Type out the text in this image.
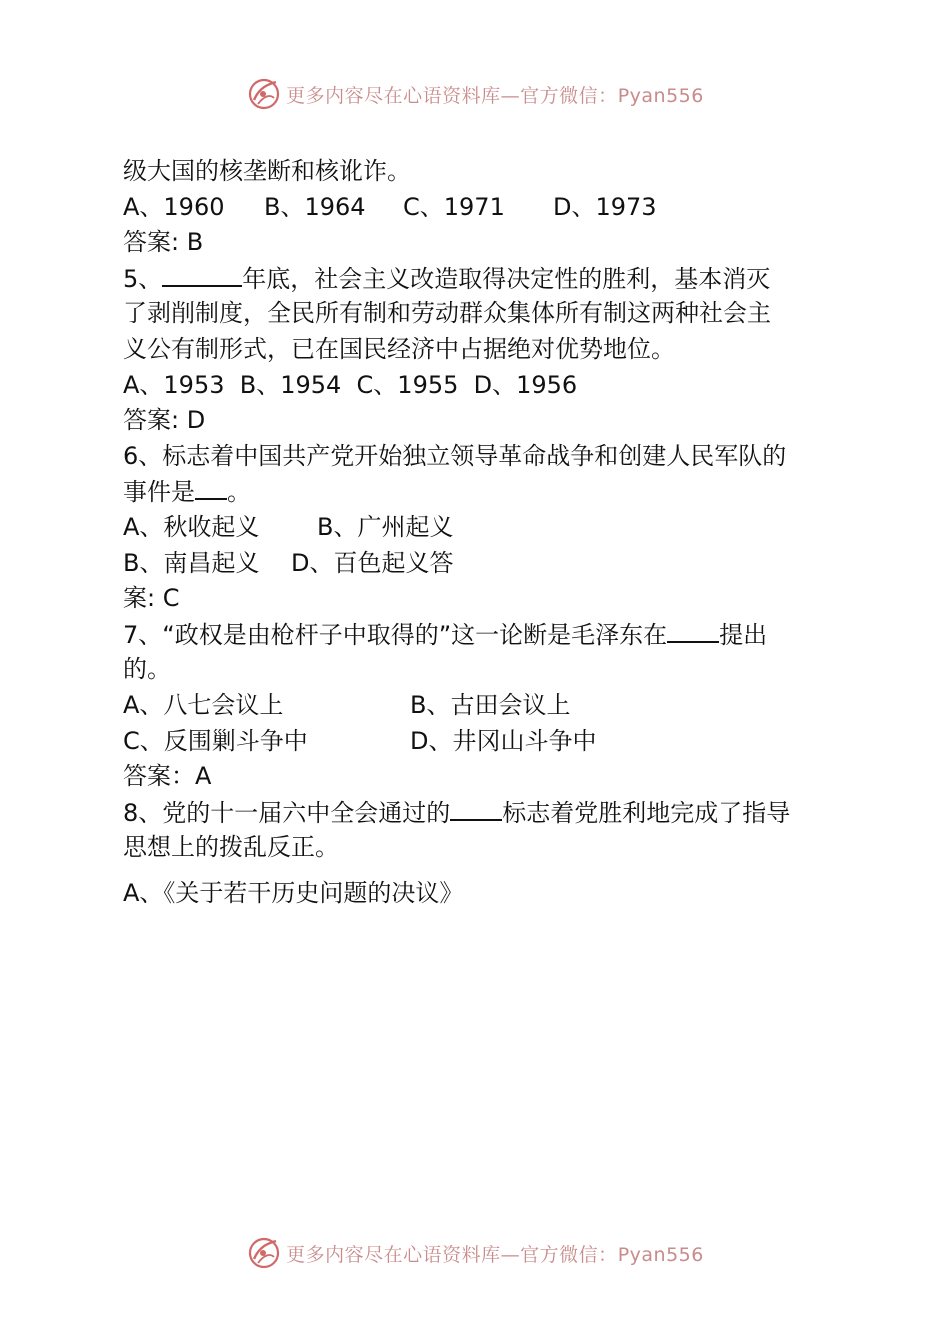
更多内容尽在心语资料库—官方微信：Pyan556
级大国的核垄断和核讹诈。
A、1960	B、1964	C、1971	D、1973
答案: B
5、	年底，社会主义改造取得决定性的胜利，基本消灭
了剥削制度，全民所有制和劳动群众集体所有制这两种社会主
义公有制形式，已在国民经济中占据绝对优势地位。
A、1953  B、1954  C、1955  D、1956
答案: D
6、标志着中国共产党开始独立领导革命战争和创建人民军队的
事件是 。
A、秋收起义	B、广州起义
B、南昌起义	D、百色起义答
案: C
7、“政权是由枪杆子中取得的”这一论断是毛泽东在 提出
的。
A、八七会议上	B、古田会议上
C、反围剿斗争中	D、井冈山斗争中
答案：A
8、党的十一届六中全会通过的 标志着党胜利地完成了指导
思想上的拨乱反正。
A、《关于若干历史问题的决议》
更多内容尽在心语资料库—官方微信：Pyan556
